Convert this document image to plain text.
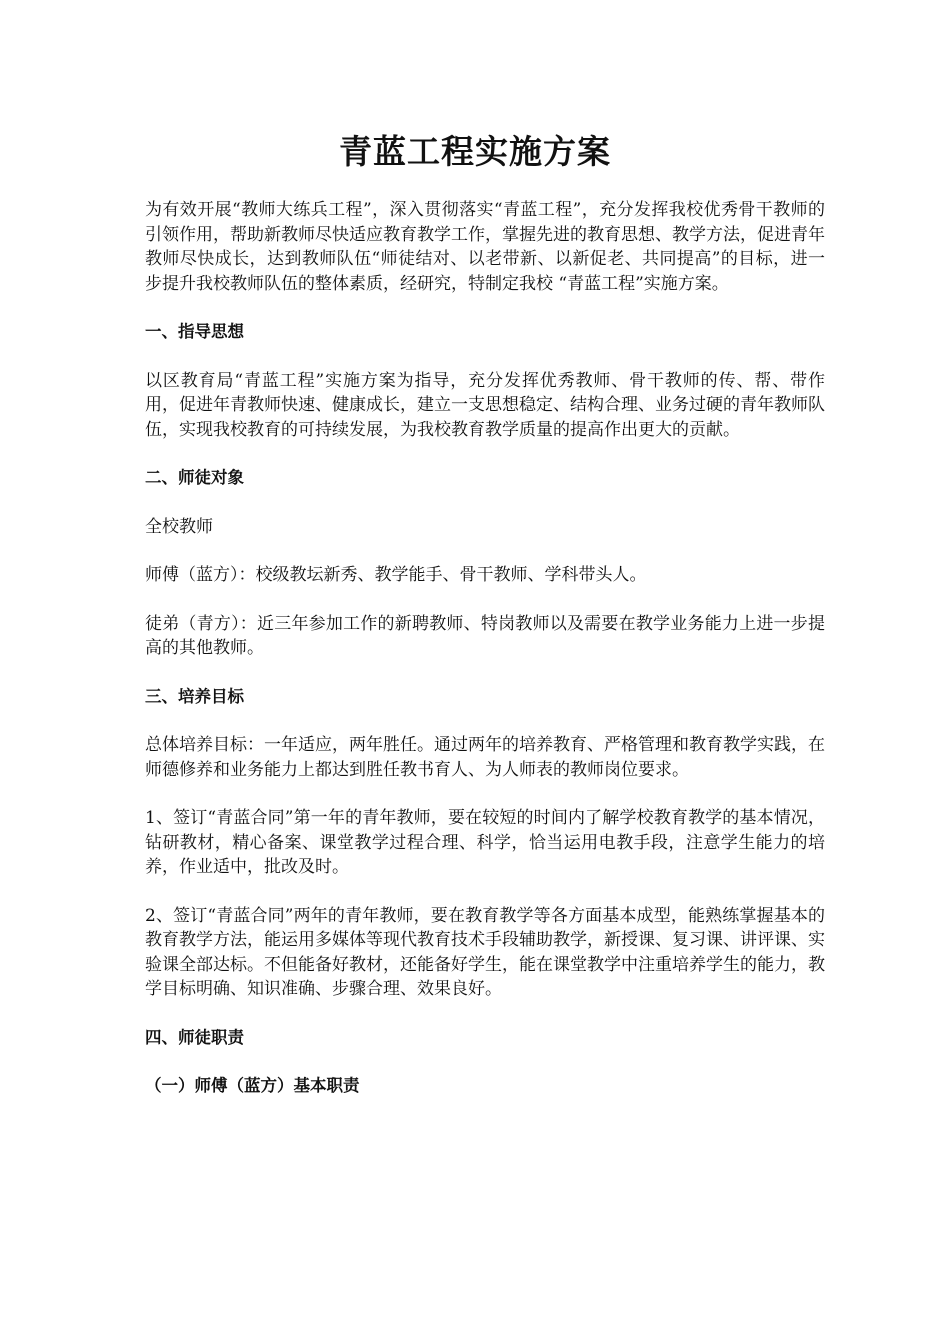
青蓝工程实施方案

为有效开展“教师大练兵工程”，深入贯彻落实“青蓝工程”，充分发挥我校优秀骨干教师的引领作用，帮助新教师尽快适应教育教学工作，掌握先进的教育思想、教学方法，促进青年教师尽快成长，达到教师队伍“师徒结对、以老带新、以新促老、共同提高”的目标，进一步提升我校教师队伍的整体素质，经研究，特制定我校 “青蓝工程”实施方案。

一、指导思想

以区教育局“青蓝工程”实施方案为指导，充分发挥优秀教师、骨干教师的传、帮、带作用，促进年青教师快速、健康成长，建立一支思想稳定、结构合理、业务过硬的青年教师队伍，实现我校教育的可持续发展，为我校教育教学质量的提高作出更大的贡献。

二、师徒对象

全校教师

师傅（蓝方）：校级教坛新秀、教学能手、骨干教师、学科带头人。

徒弟（青方）：近三年参加工作的新聘教师、特岗教师以及需要在教学业务能力上进一步提高的其他教师。

三、培养目标

总体培养目标：一年适应，两年胜任。通过两年的培养教育、严格管理和教育教学实践，在师德修养和业务能力上都达到胜任教书育人、为人师表的教师岗位要求。

1、签订“青蓝合同”第一年的青年教师，要在较短的时间内了解学校教育教学的基本情况，钻研教材，精心备案、课堂教学过程合理、科学，恰当运用电教手段，注意学生能力的培养，作业适中，批改及时。

2、签订“青蓝合同”两年的青年教师，要在教育教学等各方面基本成型，能熟练掌握基本的教育教学方法，能运用多媒体等现代教育技术手段辅助教学，新授课、复习课、讲评课、实验课全部达标。不但能备好教材，还能备好学生，能在课堂教学中注重培养学生的能力，教学目标明确、知识准确、步骤合理、效果良好。

四、师徒职责

（一）师傅（蓝方）基本职责
